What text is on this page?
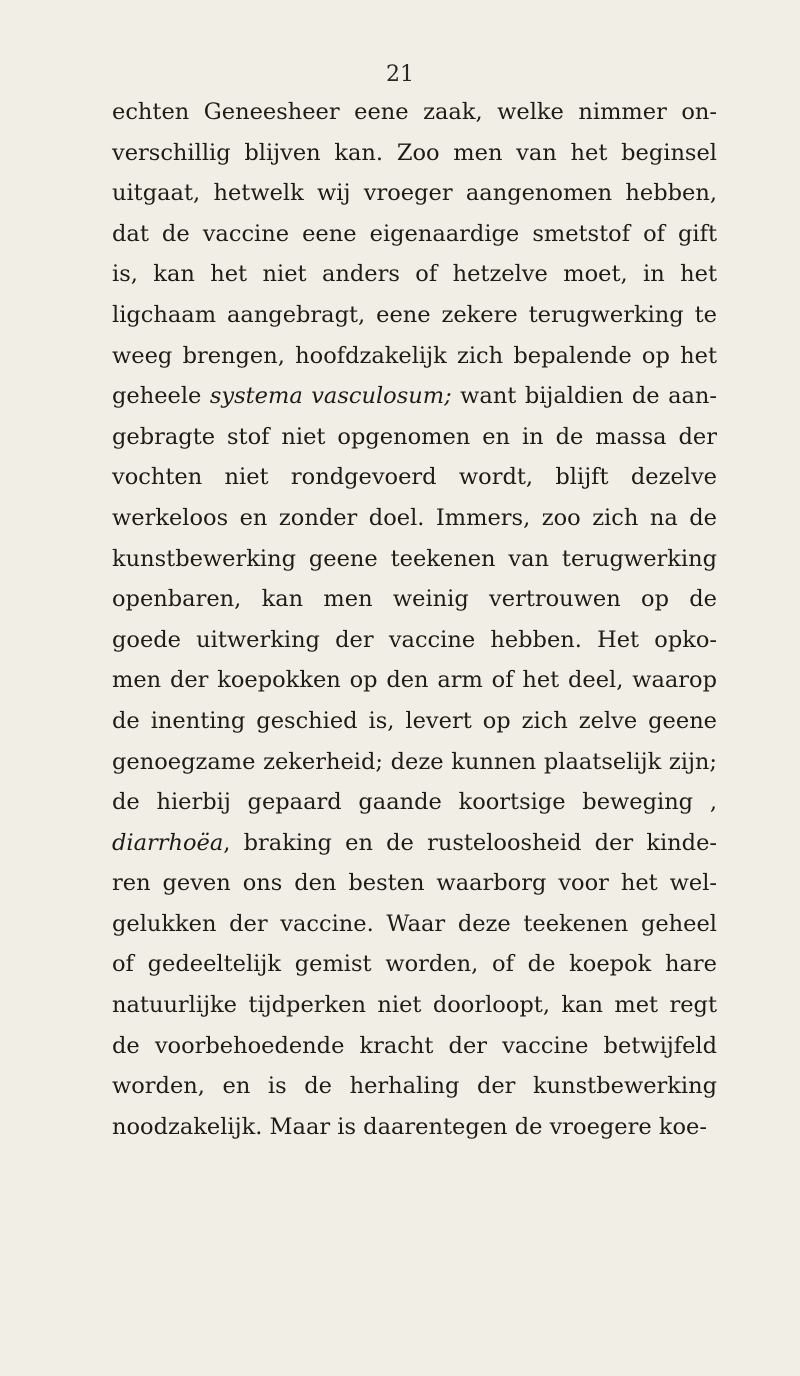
21
echten Geneesheer eene zaak, welke nimmer on-
verschillig blijven kan. Zoo men van het beginsel
uitgaat, hetwelk wij vroeger aangenomen hebben,
dat de vaccine eene eigenaardige smetstof of gift
is, kan het niet anders of hetzelve moet, in het
ligchaam aangebragt, eene zekere terugwerking te
weeg brengen, hoofdzakelijk zich bepalende op het
geheele systema vasculosum; want bijaldien de aan-
gebragte stof niet opgenomen en in de massa der
vochten niet rondgevoerd wordt, blijft dezelve
werkeloos en zonder doel. Immers, zoo zich na de
kunstbewerking geene teekenen van terugwerking
openbaren, kan men weinig vertrouwen op de
goede uitwerking der vaccine hebben. Het opko-
men der koepokken op den arm of het deel, waarop
de inenting geschied is, levert op zich zelve geene
genoegzame zekerheid; deze kunnen plaatselijk zijn;
de hierbij gepaard gaande koortsige beweging ,
diarrhoëa, braking en de rusteloosheid der kinde-
ren geven ons den besten waarborg voor het wel-
gelukken der vaccine. Waar deze teekenen geheel
of gedeeltelijk gemist worden, of de koepok hare
natuurlijke tijdperken niet doorloopt, kan met regt
de voorbehoedende kracht der vaccine betwijfeld
worden, en is de herhaling der kunstbewerking
noodzakelijk. Maar is daarentegen de vroegere koe-
